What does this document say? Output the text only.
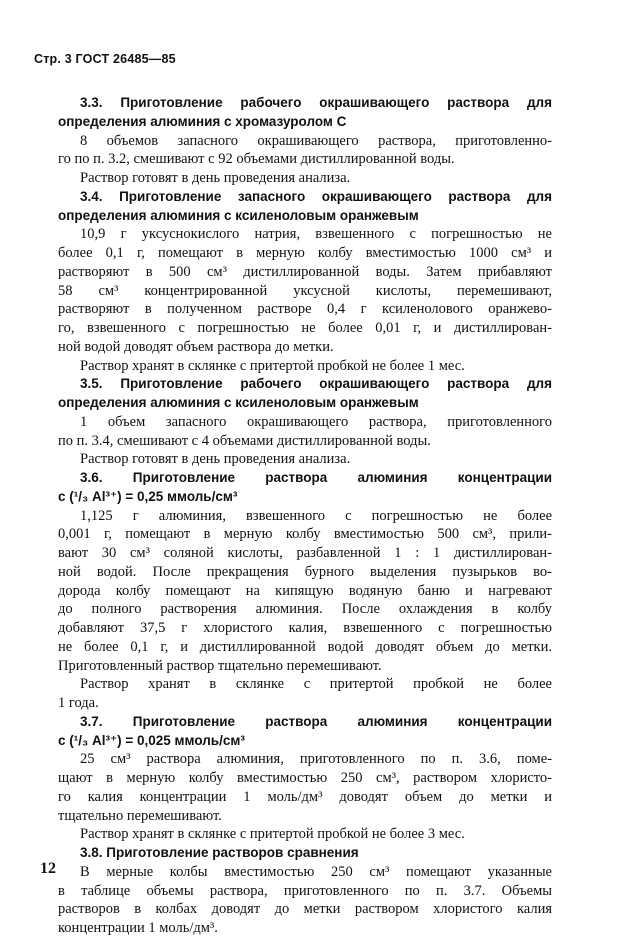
Стр. 3 ГОСТ 26485—85
3.3. Приготовление рабочего окрашивающего раствора для
определения алюминия с хромазуролом С
8 объемов запасного окрашивающего раствора, приготовленно-
го по п. 3.2, смешивают с 92 объемами дистиллированной воды.
Раствор готовят в день проведения анализа.
3.4. Приготовление запасного окрашивающего раствора для
определения алюминия с ксиленоловым оранжевым
10,9 г уксуснокислого натрия, взвешенного с погрешностью не
более 0,1 г, помещают в мерную колбу вместимостью 1000 см³ и
растворяют в 500 см³ дистиллированной воды. Затем прибавляют
58 см³ концентрированной уксусной кислоты, перемешивают,
растворяют в полученном растворе 0,4 г ксиленолового оранжево-
го, взвешенного с погрешностью не более 0,01 г, и дистиллирован-
ной водой доводят объем раствора до метки.
Раствор хранят в склянке с притертой пробкой не более 1 мес.
3.5. Приготовление рабочего окрашивающего раствора для
определения алюминия с ксиленоловым оранжевым
1 объем запасного окрашивающего раствора, приготовленного
по п. 3.4, смешивают с 4 объемами дистиллированной воды.
Раствор готовят в день проведения анализа.
3.6. Приготовление раствора алюминия концентрации
с (¹/₃ Al³⁺) = 0,25 ммоль/см³
1,125 г алюминия, взвешенного с погрешностью не более
0,001 г, помещают в мерную колбу вместимостью 500 см³, прили-
вают 30 см³ соляной кислоты, разбавленной 1 : 1 дистиллирован-
ной водой. После прекращения бурного выделения пузырьков во-
дорода колбу помещают на кипящую водяную баню и нагревают
до полного растворения алюминия. После охлаждения в колбу
добавляют 37,5 г хлористого калия, взвешенного с погрешностью
не более 0,1 г, и дистиллированной водой доводят объем до метки.
Приготовленный раствор тщательно перемешивают.
Раствор хранят в склянке с притертой пробкой не более
1 года.
3.7. Приготовление раствора алюминия концентрации
с (¹/₃ Al³⁺) = 0,025 ммоль/см³
25 см³ раствора алюминия, приготовленного по п. 3.6, поме-
щают в мерную колбу вместимостью 250 см³, раствором хлористо-
го калия концентрации 1 моль/дм³ доводят объем до метки и
тщательно перемешивают.
Раствор хранят в склянке с притертой пробкой не более 3 мес.
3.8. Приготовление растворов сравнения
В мерные колбы вместимостью 250 см³ помещают указанные
в таблице объемы раствора, приготовленного по п. 3.7. Объемы
растворов в колбах доводят до метки раствором хлористого калия
концентрации 1 моль/дм³.
12
